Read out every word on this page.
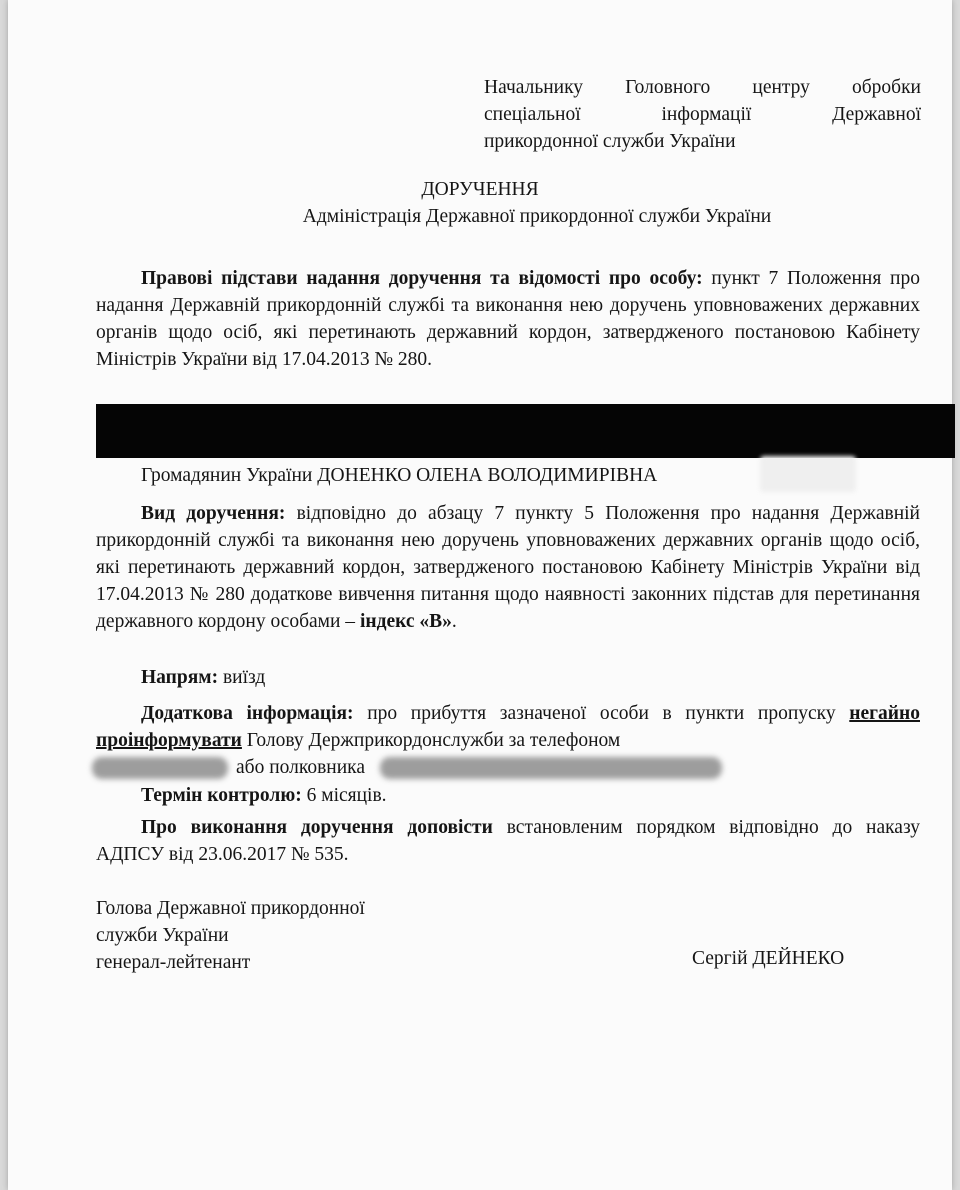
Начальнику Головного центру обробки
спеціальної інформації Державної
прикордонної служби України
ДОРУЧЕННЯ
Адміністрація Державної прикордонної служби України
Правові підстави надання доручення та відомості про особу: пункт 7 Положення про надання Державній прикордонній службі та виконання нею доручень уповноважених державних органів щодо осіб, які перетинають державний кордон, затвердженого постановою Кабінету Міністрів України від 17.04.2013 № 280.
Громадянин України ДОНЕНКО ОЛЕНА ВОЛОДИМИРІВНА
Вид доручення: відповідно до абзацу 7 пункту 5 Положення про надання Державній прикордонній службі та виконання нею доручень уповноважених державних органів щодо осіб, які перетинають державний кордон, затвердженого постановою Кабінету Міністрів України від 17.04.2013 № 280 додаткове вивчення питання щодо наявності законних підстав для перетинання державного кордону особами – індекс «В».
Напрям: виїзд
Додаткова інформація: про прибуття зазначеної особи в пункти пропуску негайно проінформувати Голову Держприкордонслужби за телефоном
або полковника
Термін контролю: 6 місяців.
Про виконання доручення доповісти встановленим порядком відповідно до наказу АДПСУ від 23.06.2017 № 535.
Голова Державної прикордонної
служби України
генерал-лейтенант	Сергій ДЕЙНЕКО
